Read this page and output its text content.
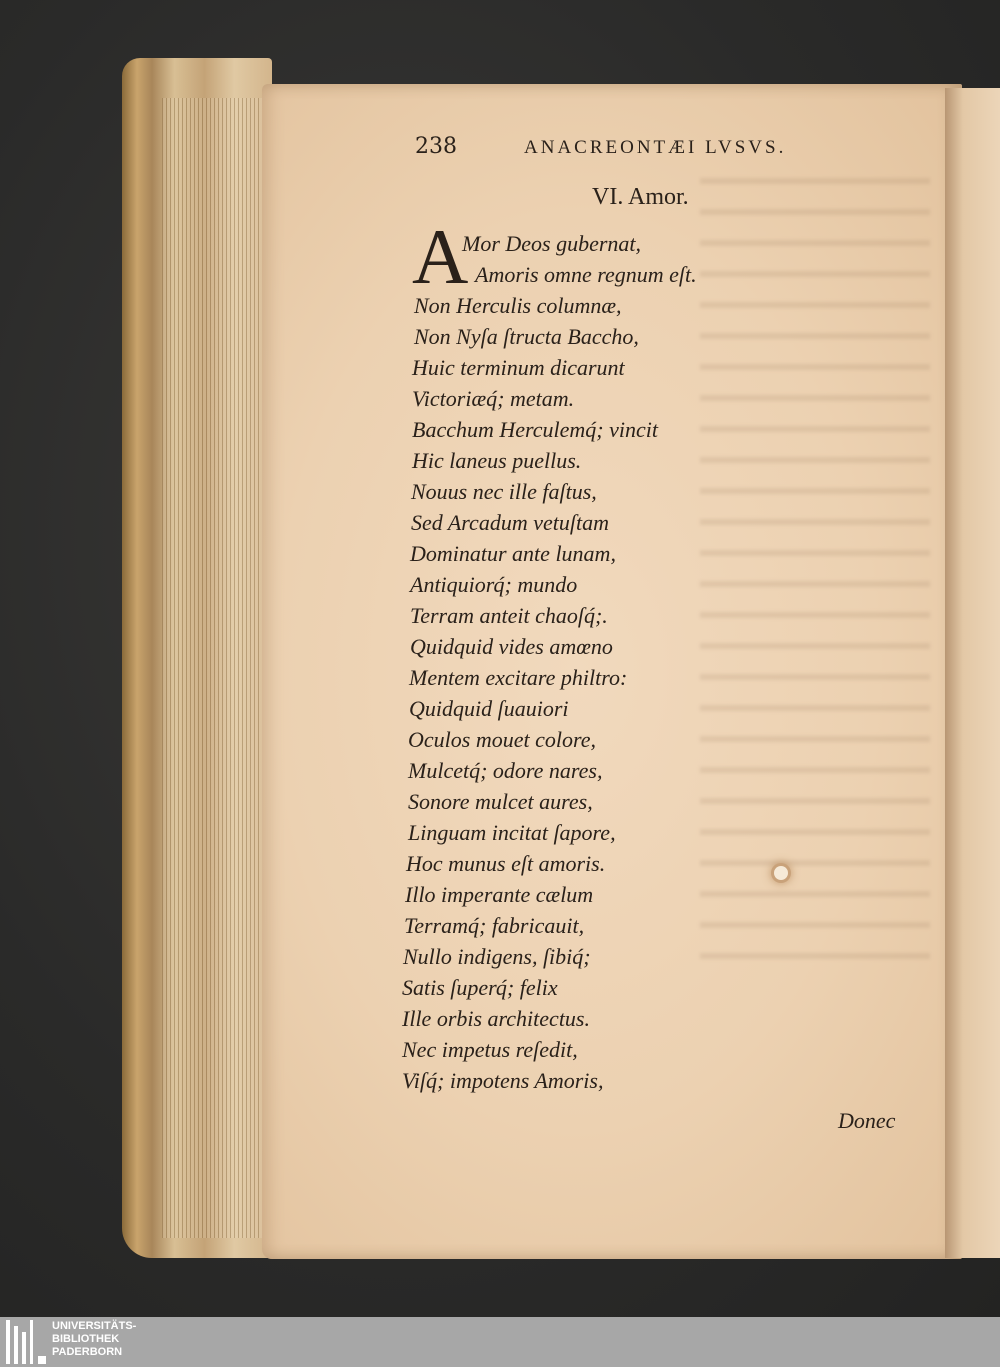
238	ANACREONTÆI LVSVS.
VI. Amor.
A
Mor Deos gubernat,
Amoris omne regnum eſt.
Non Herculis columnæ,
Non Nyſa ſtructa Baccho,
Huic terminum dicarunt
Victoriæq́; metam.
Bacchum Herculemq́; vincit
Hic laneus puellus.
Nouus nec ille faſtus,
Sed Arcadum vetuſtam
Dominatur ante lunam,
Antiquiorq́; mundo
Terram anteit chaoſq́;.
Quidquid vides amœno
Mentem excitare philtro:
Quidquid ſuauiori
Oculos mouet colore,
Mulcetq́; odore nares,
Sonore mulcet aures,
Linguam incitat ſapore,
Hoc munus eſt amoris.
Illo imperante cælum
Terramq́; fabricauit,
Nullo indigens, ſibiq́;
Satis ſuperq́; felix
Ille orbis architectus.
Nec impetus reſedit,
Viſq́; impotens Amoris,
Donec
UNIVERSITÄTS-
BIBLIOTHEK
PADERBORN
